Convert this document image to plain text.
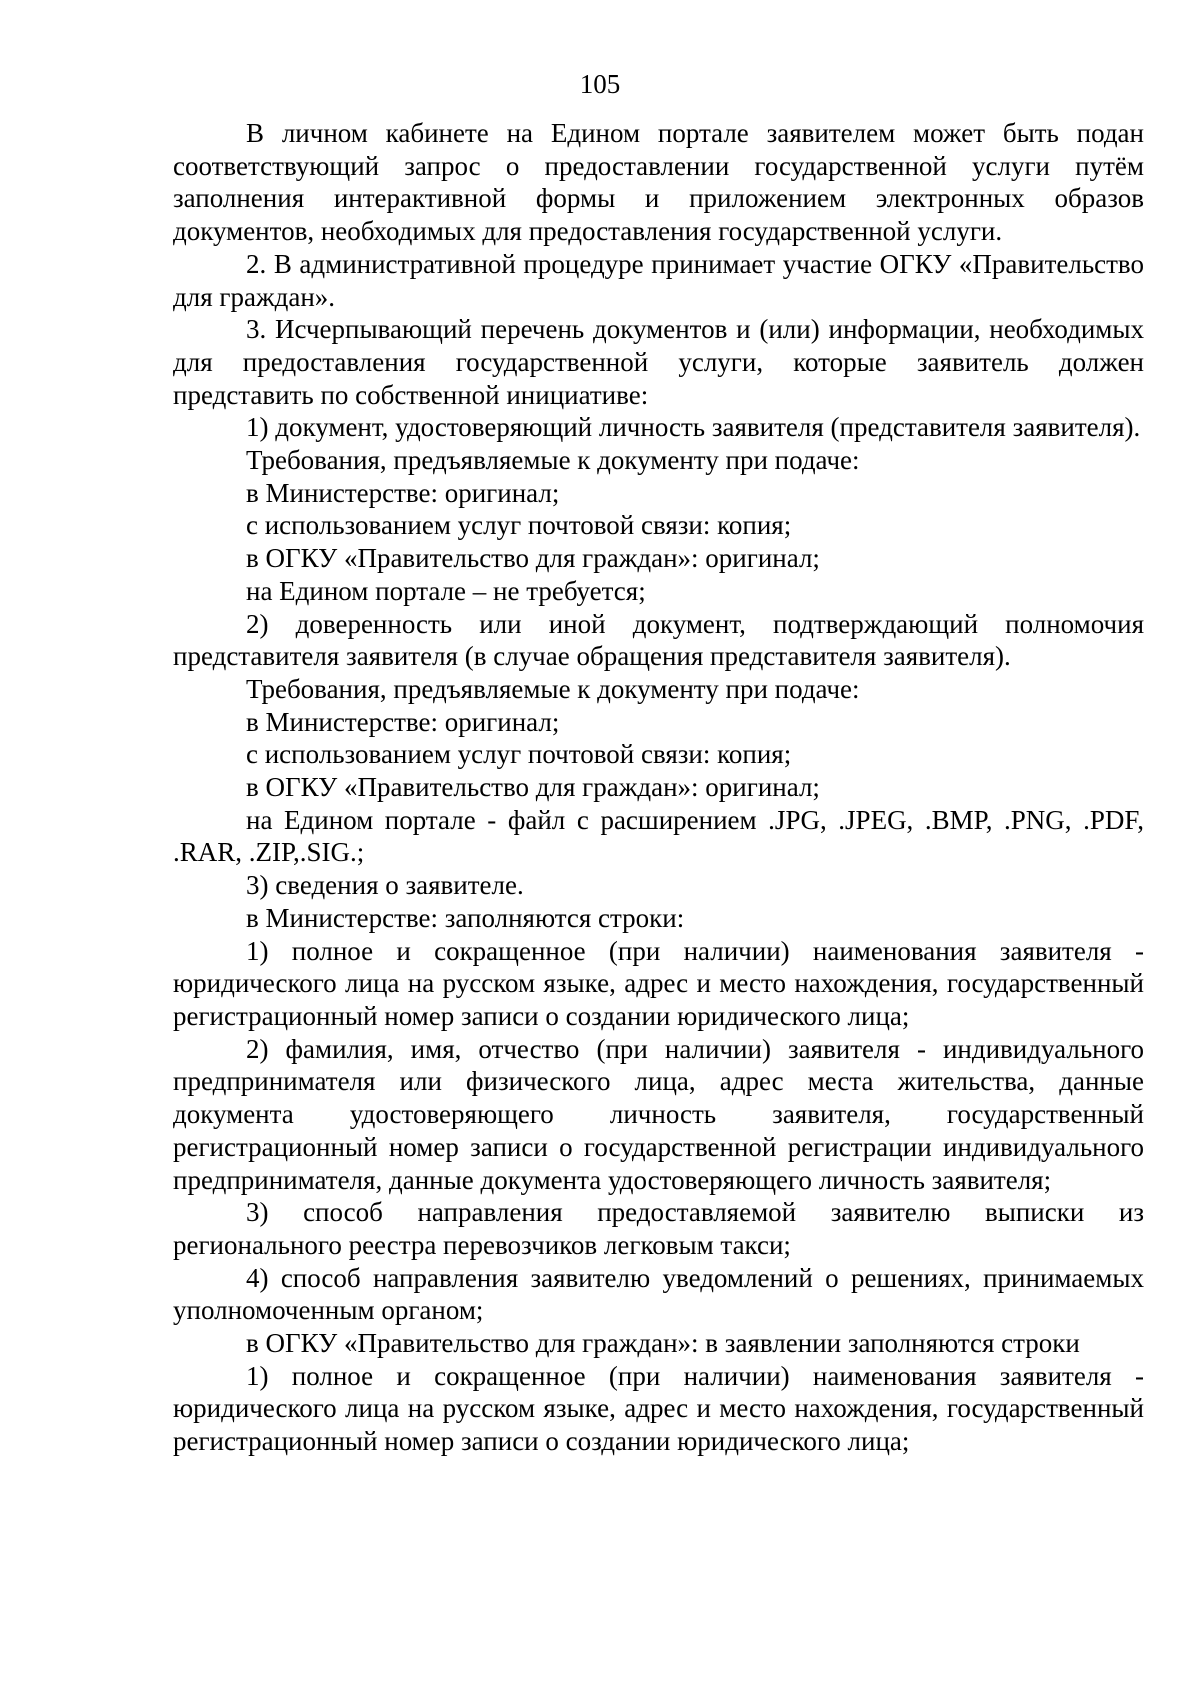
105

В личном кабинете на Едином портале заявителем может быть подан соответствующий запрос о предоставлении государственной услуги путём заполнения интерактивной формы и приложением электронных образов документов, необходимых для предоставления государственной услуги.

2. В административной процедуре принимает участие ОГКУ «Правительство для граждан».

3. Исчерпывающий перечень документов и (или) информации, необходимых для предоставления государственной услуги, которые заявитель должен представить по собственной инициативе:

1) документ, удостоверяющий личность заявителя (представителя заявителя).

Требования, предъявляемые к документу при подаче:

в Министерстве: оригинал;

с использованием услуг почтовой связи: копия;

в ОГКУ «Правительство для граждан»: оригинал;

на Едином портале – не требуется;

2) доверенность или иной документ, подтверждающий полномочия представителя заявителя (в случае обращения представителя заявителя).

Требования, предъявляемые к документу при подаче:

в Министерстве: оригинал;

с использованием услуг почтовой связи: копия;

в ОГКУ «Правительство для граждан»: оригинал;

на Едином портале - файл с расширением .JPG, .JPEG, .BMP, .PNG, .PDF, .RAR, .ZIP,.SIG.;

3) сведения о заявителе.

в Министерстве: заполняются строки:

1) полное и сокращенное (при наличии) наименования заявителя - юридического лица на русском языке, адрес и место нахождения, государственный регистрационный номер записи о создании юридического лица;

2) фамилия, имя, отчество (при наличии) заявителя - индивидуального предпринимателя или физического лица, адрес места жительства, данные документа удостоверяющего личность заявителя, государственный регистрационный номер записи о государственной регистрации индивидуального предпринимателя, данные документа удостоверяющего личность заявителя;

3) способ направления предоставляемой заявителю выписки из регионального реестра перевозчиков легковым такси;

4) способ направления заявителю уведомлений о решениях, принимаемых уполномоченным органом;

в ОГКУ «Правительство для граждан»: в заявлении заполняются строки

1) полное и сокращенное (при наличии) наименования заявителя - юридического лица на русском языке, адрес и место нахождения, государственный регистрационный номер записи о создании юридического лица;
